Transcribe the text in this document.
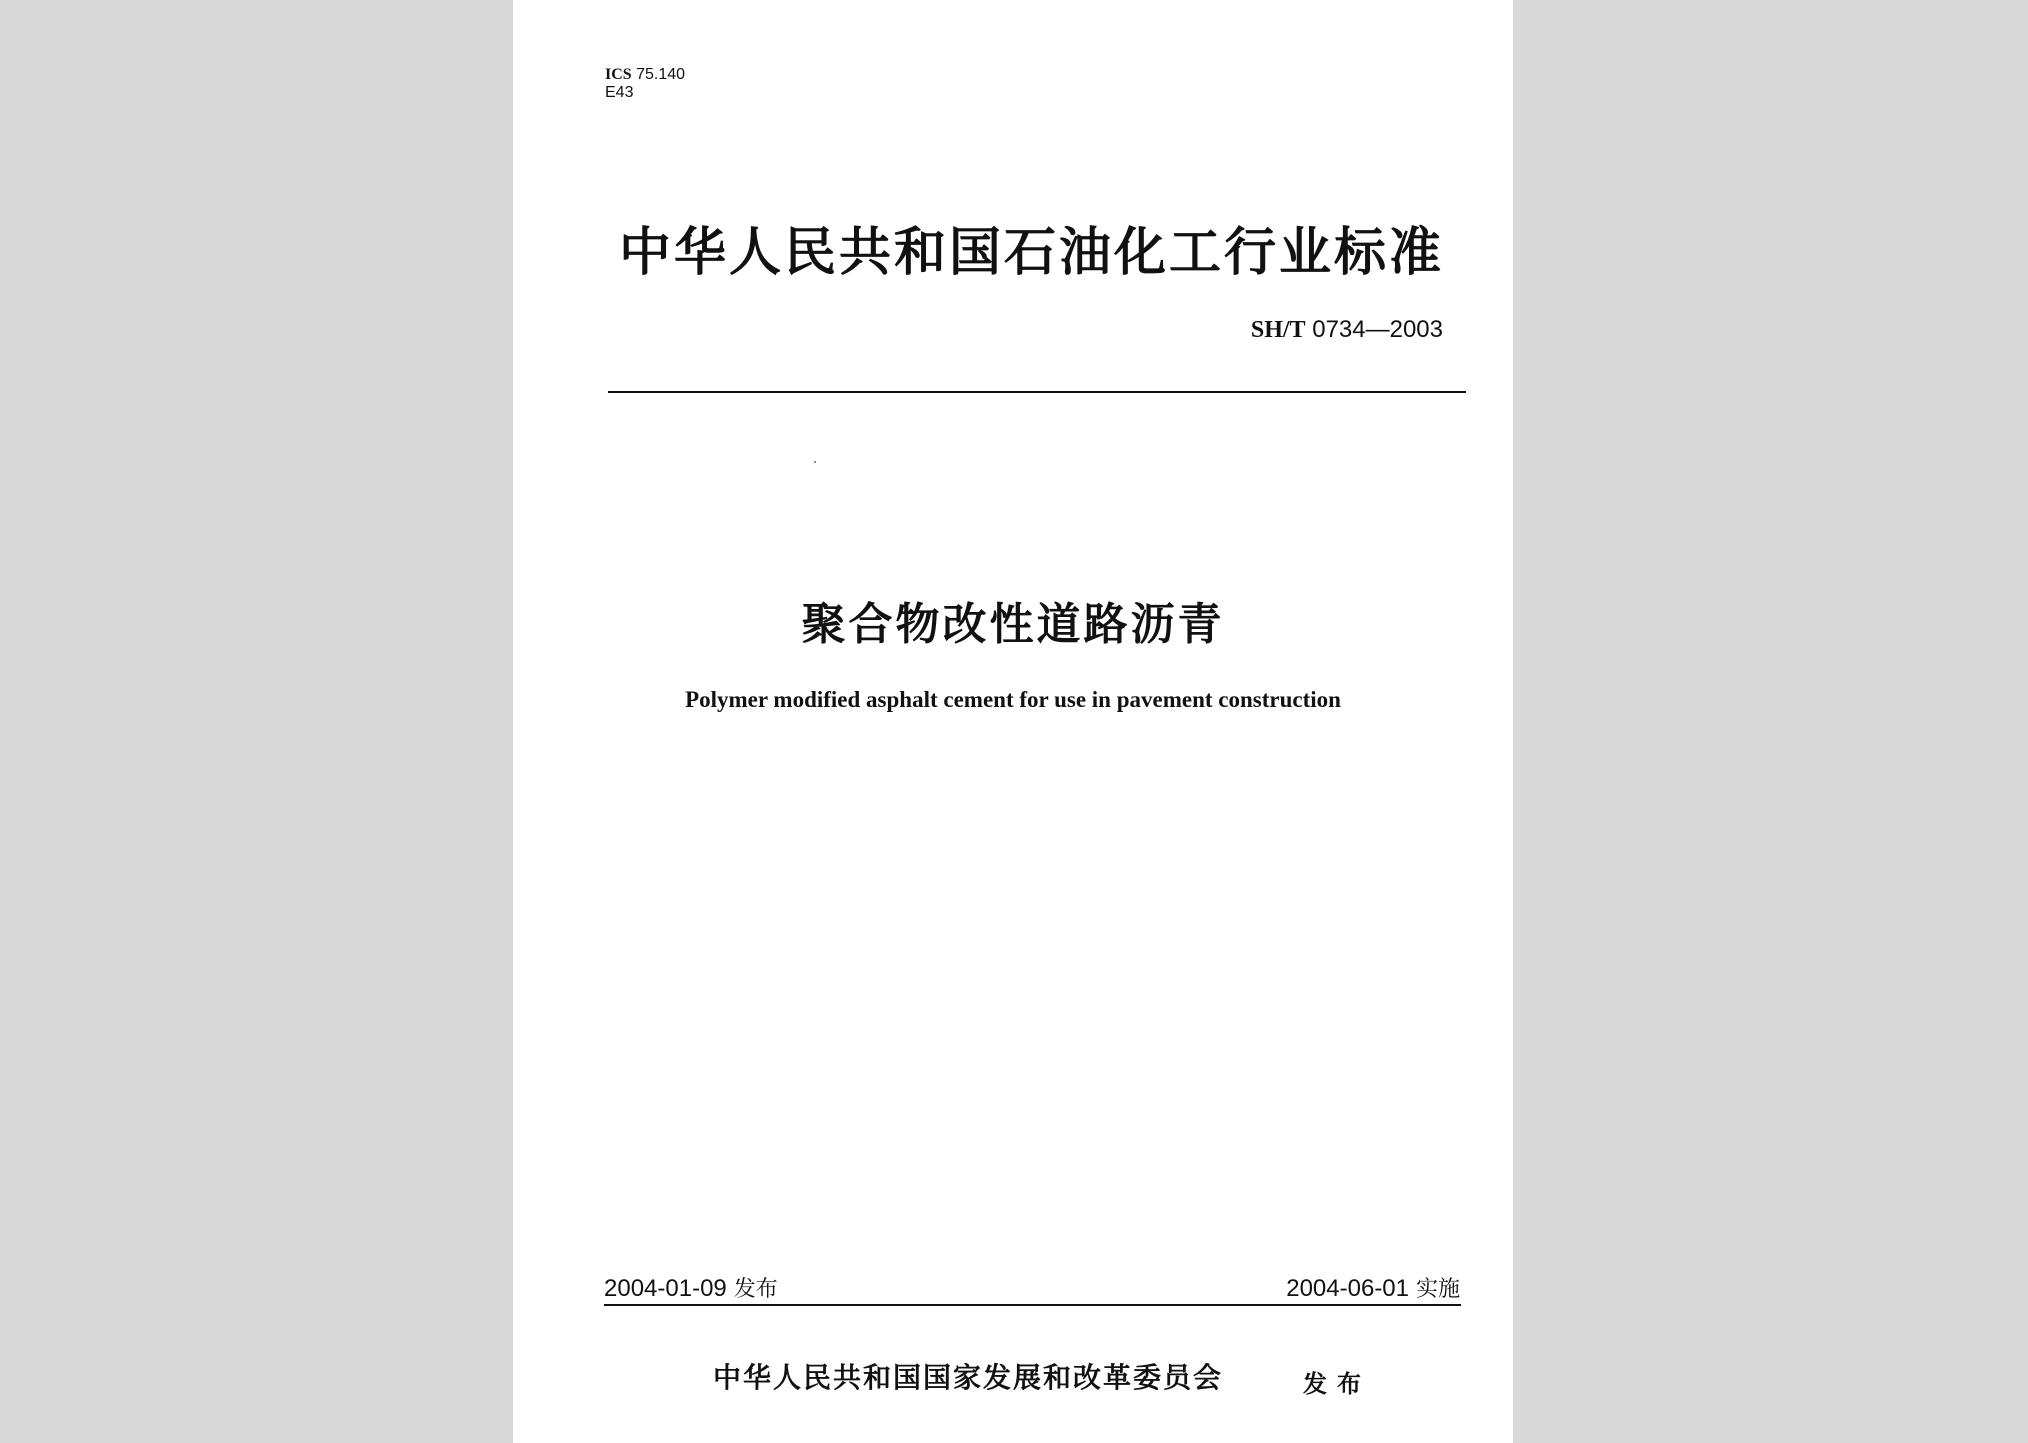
ICS 75.140
E43
中华人民共和国石油化工行业标准
SH/T 0734—2003
聚合物改性道路沥青
Polymer modified asphalt cement for use in pavement construction
2004-01-09 发布	2004-06-01 实施
中华人民共和国国家发展和改革委员会	发布
